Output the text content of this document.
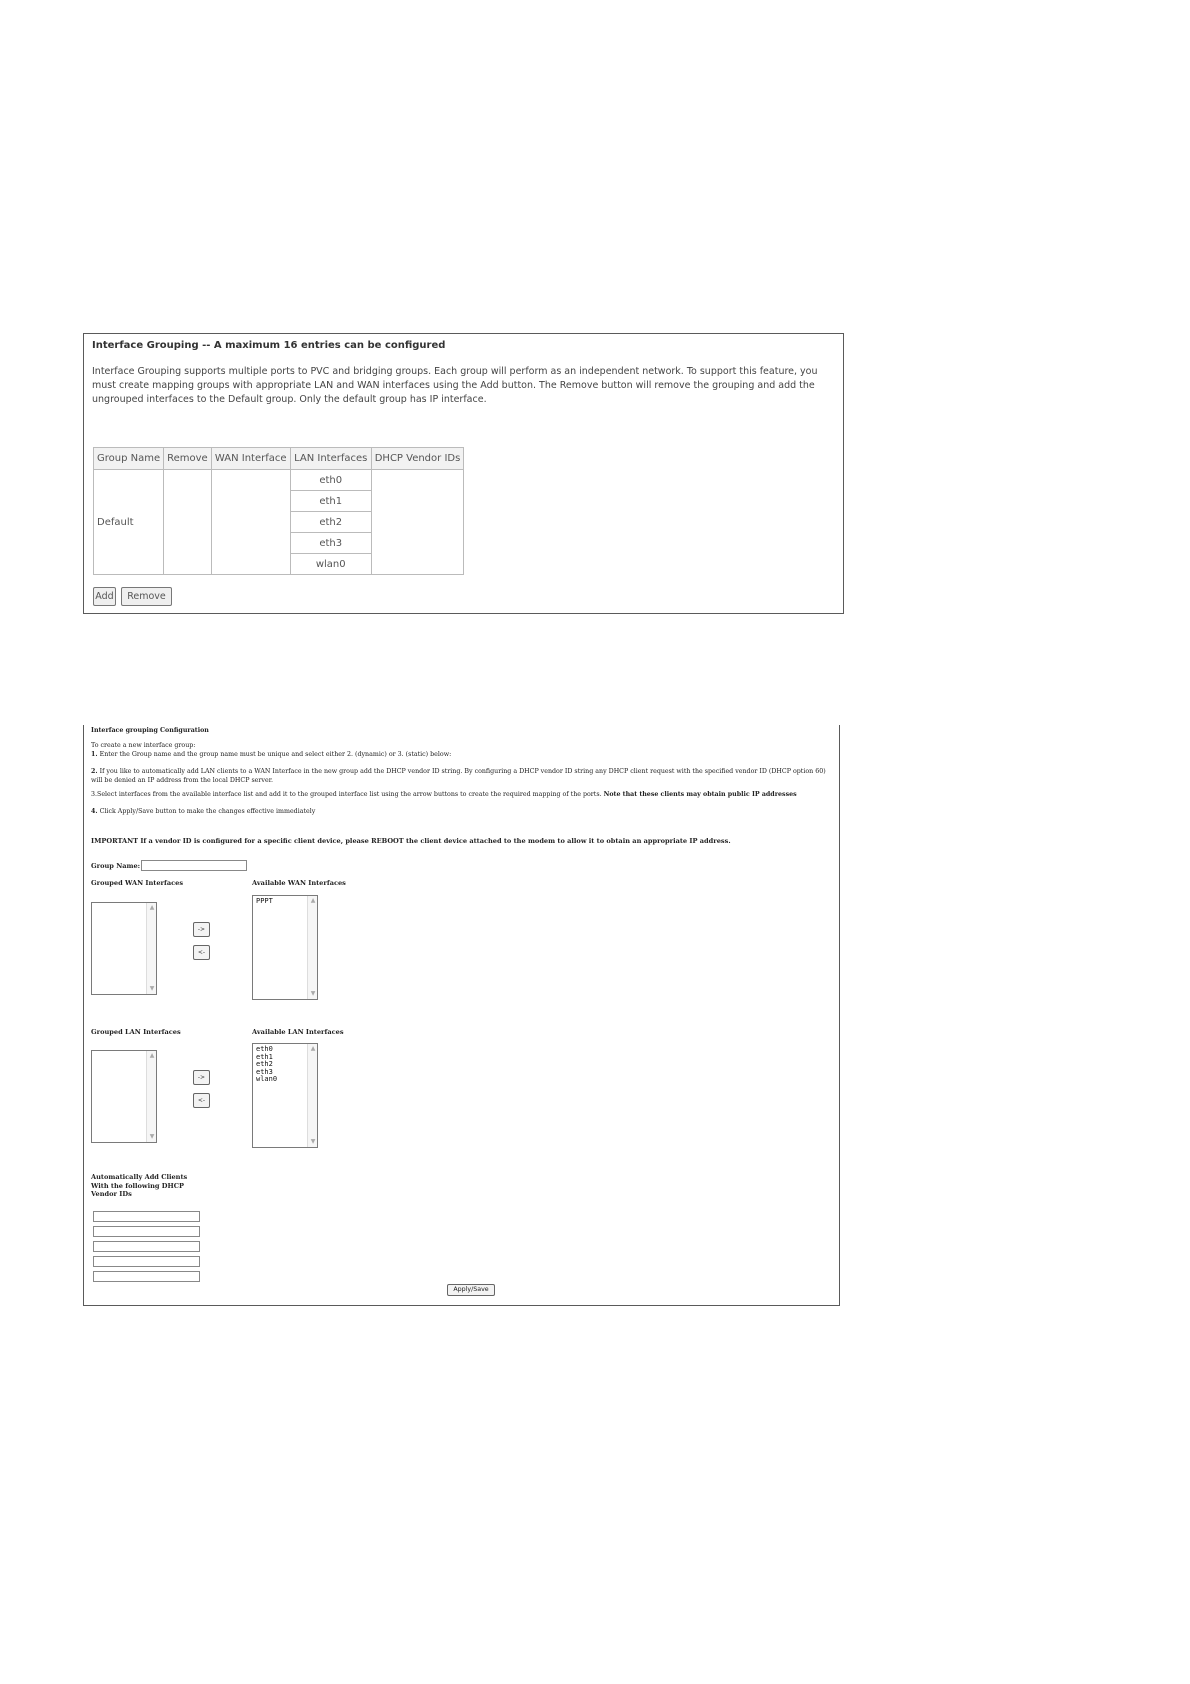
Interface Grouping -- A maximum 16 entries can be configured
Interface Grouping supports multiple ports to PVC and bridging groups. Each group will perform as an independent network. To support this feature, you must create mapping groups with appropriate LAN and WAN interfaces using the Add button. The Remove button will remove the grouping and add the ungrouped interfaces to the Default group. Only the default group has IP interface.
Group Name	Remove	WAN Interface	LAN Interfaces	DHCP Vendor IDs
Default			eth0	
			eth1	
			eth2	
			eth3	
			wlan0	
Add	Remove
Interface grouping Configuration
To create a new interface group:
1. Enter the Group name and the group name must be unique and select either 2. (dynamic) or 3. (static) below:
2. If you like to automatically add LAN clients to a WAN Interface in the new group add the DHCP vendor ID string. By configuring a DHCP vendor ID string any DHCP client request with the specified vendor ID (DHCP option 60) will be denied an IP address from the local DHCP server.
3.Select interfaces from the available interface list and add it to the grouped interface list using the arrow buttons to create the required mapping of the ports. Note that these clients may obtain public IP addresses
4. Click Apply/Save button to make the changes effective immediately
IMPORTANT If a vendor ID is configured for a specific client device, please REBOOT the client device attached to the modem to allow it to obtain an appropriate IP address.
Group Name:
Grouped WAN Interfaces	Available WAN Interfaces
▲
▼
->
<-
PPPT	▲
▼
Grouped LAN Interfaces	Available LAN Interfaces
▲
▼
->
<-
eth0
eth1
eth2
eth3
wlan0
▲
▼
Automatically Add Clients With the following DHCP Vendor IDs
Apply/Save
